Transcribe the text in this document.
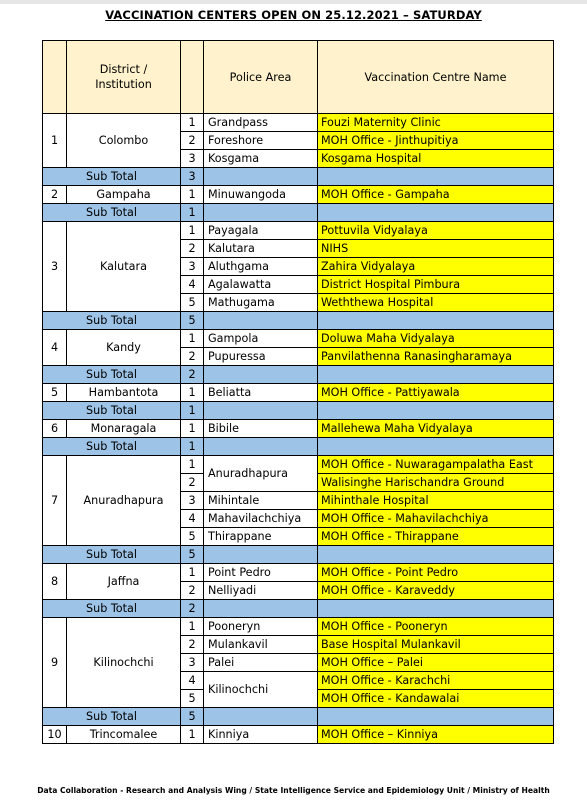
VACCINATION CENTERS OPEN ON 25.12.2021 – SATURDAY
	District / Institution		Police Area	Vaccination Centre Name
1	Colombo	1	Grandpass	Fouzi Maternity Clinic
		2	Foreshore	MOH Office - Jinthupitiya
		3	Kosgama	Kosgama Hospital
Sub Total		3		
2	Gampaha	1	Minuwangoda	MOH Office - Gampaha
Sub Total		1		
3	Kalutara	1	Payagala	Pottuvila Vidyalaya
		2	Kalutara	NIHS
		3	Aluthgama	Zahira Vidyalaya
		4	Agalawatta	District Hospital Pimbura
		5	Mathugama	Weththewa Hospital
Sub Total		5		
4	Kandy	1	Gampola	Doluwa Maha Vidyalaya
		2	Pupuressa	Panvilathenna Ranasingharamaya
Sub Total		2		
5	Hambantota	1	Beliatta	MOH Office - Pattiyawala
Sub Total		1		
6	Monaragala	1	Bibile	Mallehewa Maha Vidyalaya
Sub Total		1		
7	Anuradhapura	1	Anuradhapura	MOH Office - Nuwaragampalatha East
		2		Walisinghe Harischandra Ground
		3	Mihintale	Mihinthale Hospital
		4	Mahavilachchiya	MOH Office - Mahavilachchiya
		5	Thirappane	MOH Office - Thirappane
Sub Total		5		
8	Jaffna	1	Point Pedro	MOH Office - Point Pedro
		2	Nelliyadi	MOH Office - Karaveddy
Sub Total		2		
9	Kilinochchi	1	Pooneryn	MOH Office - Pooneryn
		2	Mulankavil	Base Hospital Mulankavil
		3	Palei	MOH Office – Palei
		4	Kilinochchi	MOH Office - Karachchi
		5		MOH Office - Kandawalai
Sub Total		5		
10	Trincomalee	1	Kinniya	MOH Office – Kinniya
Data Collaboration - Research and Analysis Wing / State Intelligence Service and Epidemiology Unit / Ministry of Health
